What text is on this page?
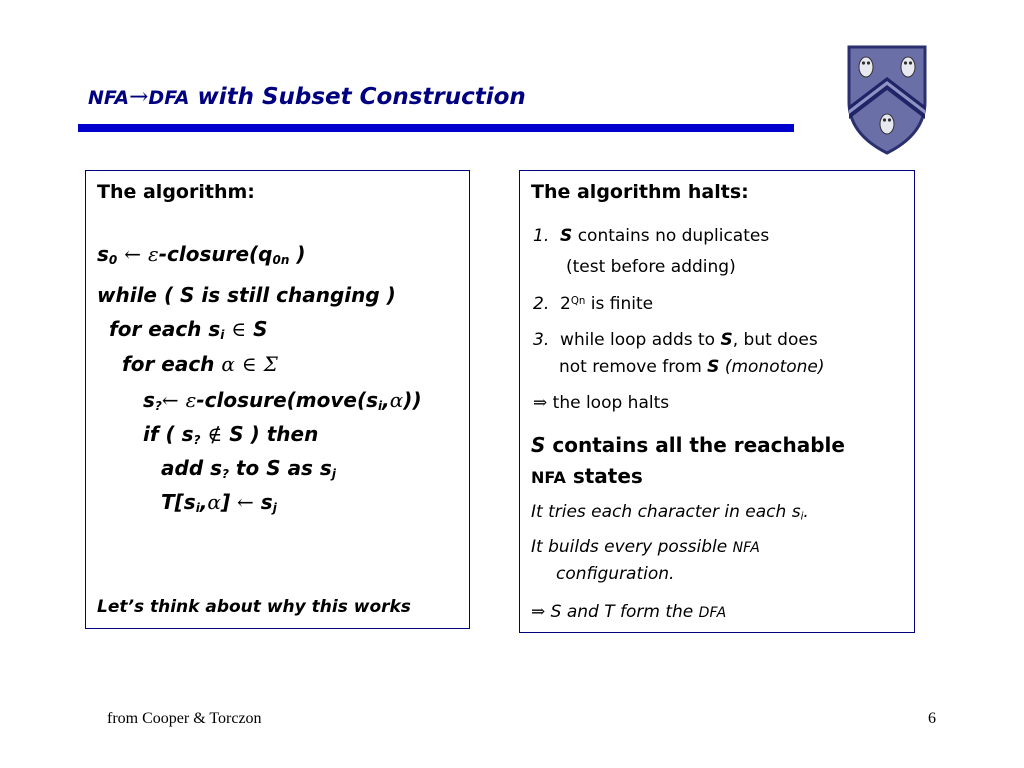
NFA→DFA with Subset Construction
The algorithm:
$s_0$ ← $\varepsilon-closure(q_{0n}$ )
while ( S is still changing )
for each $s_i$ ∈ S
for each α ∈ Σ
$s_?\leftarrow$ $\varepsilon-closure(move(s_i,\alpha))$
if ( $s_?$ ∉ S ) then
add $s_?$ to S as $s_j$
$T[s_i,\alpha]$ ← $s_j$
Let’s think about why this works
The algorithm halts:
1. S contains no duplicates
(test before adding)
2. $2^{Qn}$ is finite
3. while loop adds to S, but does
not remove from S (monotone)
⇒ the loop halts
S contains all the reachable
NFA states
It tries each character in each $s_i$.
It builds every possible NFA
configuration.
⇒ S and T form the DFA
from Cooper & Torczon	6
